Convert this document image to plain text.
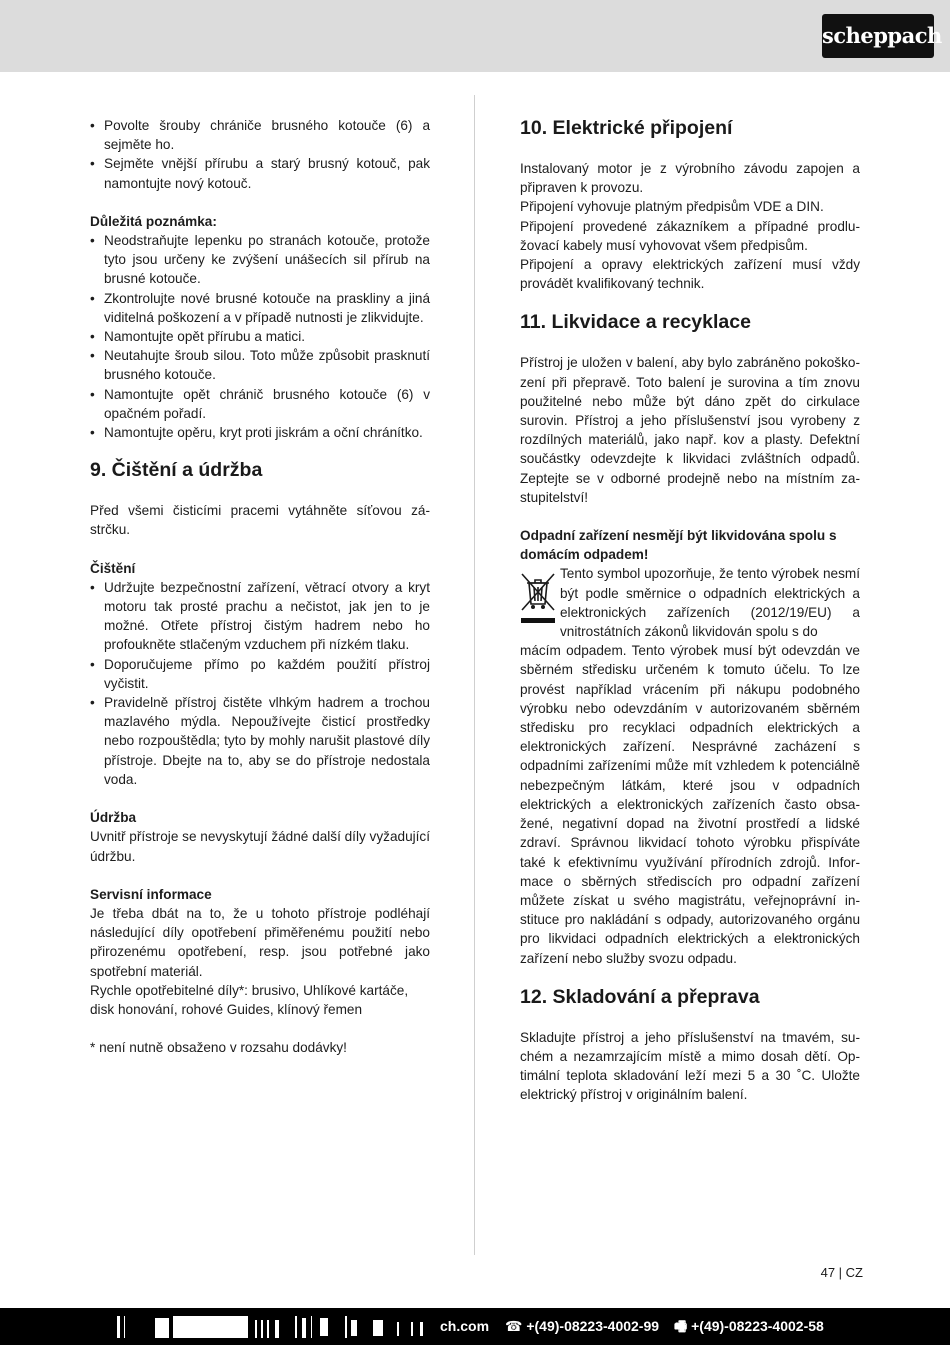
scheppach
• Povolte šrouby chrániče brusného kotouče (6) a sejměte ho.
• Sejměte vnější přírubu a starý brusný kotouč, pak namontujte nový kotouč.

Důležitá poznámka:

• Neodstraňujte lepenku po stranách kotouče, protože tyto jsou určeny ke zvýšení unášecích sil přírub na brusné kotouče.
• Zkontrolujte nové brusné kotouče na praskliny a jiná viditelná poškození a v případě nutnosti je zlikvidujte.
• Namontujte opět přírubu a matici.
• Neutahujte šroub silou. Toto může způsobit prasknutí brusného kotouče.
• Namontujte opět chránič brusného kotouče (6) v opačném pořadí.
• Namontujte opěru, kryt proti jiskrám a oční chránítko.

9. Čištění a údržba

Před všemi čisticími pracemi vytáhněte síťovou zástrčku.

Čištění

• Udržujte bezpečnostní zařízení, větrací otvory a kryt motoru tak prosté prachu a nečistot, jak jen to je možné. Otřete přístroj čistým hadrem nebo ho profoukněte stlačeným vzduchem při nízkém tlaku.
• Doporučujeme přímo po každém použití přístroj vyčistit.
• Pravidelně přístroj čistěte vlhkým hadrem a trochou mazlavého mýdla. Nepoužívejte čisticí prostředky nebo rozpouštědla; tyto by mohly narušit plastové díly přístroje. Dbejte na to, aby se do přístroje nedostala voda.

Údržba

Uvnitř přístroje se nevyskytují žádné další díly vyžadující údržbu.

Servisní informace

Je třeba dbát na to, že u tohoto přístroje podléhají následující díly opotřebení přiměřenému použití nebo přirozenému opotřebení, resp. jsou potřebné jako spotřební materiál.

Rychle opotřebitelné díly*: brusivo, Uhlíkové kartáče, disk honování, rohové Guides, klínový řemen

* není nutně obsaženo v rozsahu dodávky!

10. Elektrické připojení

Instalovaný motor je z výrobního závodu zapojen a připraven k provozu.

Připojení vyhovuje platným předpisům VDE a DIN.

Připojení provedené zákazníkem a případné prodlužovací kabely musí vyhovovat všem předpisům.

Připojení a opravy elektrických zařízení musí vždy provádět kvalifikovaný technik.

11. Likvidace a recyklace

Přístroj je uložen v balení, aby bylo zabráněno pokoškození při přepravě. Toto balení je surovina a tím znovu použitelné nebo může být dáno zpět do cirkulace surovin. Přístroj a jeho příslušenství jsou vyrobeny z rozdílných materiálů, jako např. kov a plasty. Defektní součástky odevzdejte k likvidaci zvláštních odpadů. Zeptejte se v odborné prodejně nebo na místním zastupitelství!

Odpadní zařízení nesmějí být likvidována spolu s domácím odpadem!

Tento symbol upozorňuje, že tento výrobek nesmí být podle směrnice o odpadních elektrických a elektronických zařízeních (2012/19/EU) a vnitrostátních zákonů likvidován spolu s do

mácím odpadem. Tento výrobek musí být odevzdán ve sběrném středisku určeném k tomuto účelu. To lze provést například vrácením při nákupu podobného výrobku nebo odevzdáním v autorizovaném sběrném středisku pro recyklaci odpadních elektrických a elektronických zařízení. Nesprávné zacházení s odpadními zařízeními může mít vzhledem k potenciálně nebezpečným látkám, které jsou v odpadních elektrických a elektronických zařízeních často obsažené, negativní dopad na životní prostředí a lidské zdraví. Správnou likvidací tohoto výrobku přispíváte také k efektivnímu využívání přírodních zdrojů. Informace o sběrných střediscích pro odpadní zařízení můžete získat u svého magistrátu, veřejnoprávní instituce pro nakládání s odpady, autorizovaného orgánu pro likvidaci odpadních elektrických a elektronických zařízení nebo služby svozu odpadu.

12. Skladování a přeprava

Skladujte přístroj a jeho příslušenství na tmavém, suchém a nezamrzajícím místě a mimo dosah dětí. Optimální teplota skladování leží mezi 5 a 30 ˚C. Uložte elektrický přístroj v originálním balení.

47 | CZ
ch.com ☎ +(49)-08223-4002-99 🖷 +(49)-08223-4002-58
